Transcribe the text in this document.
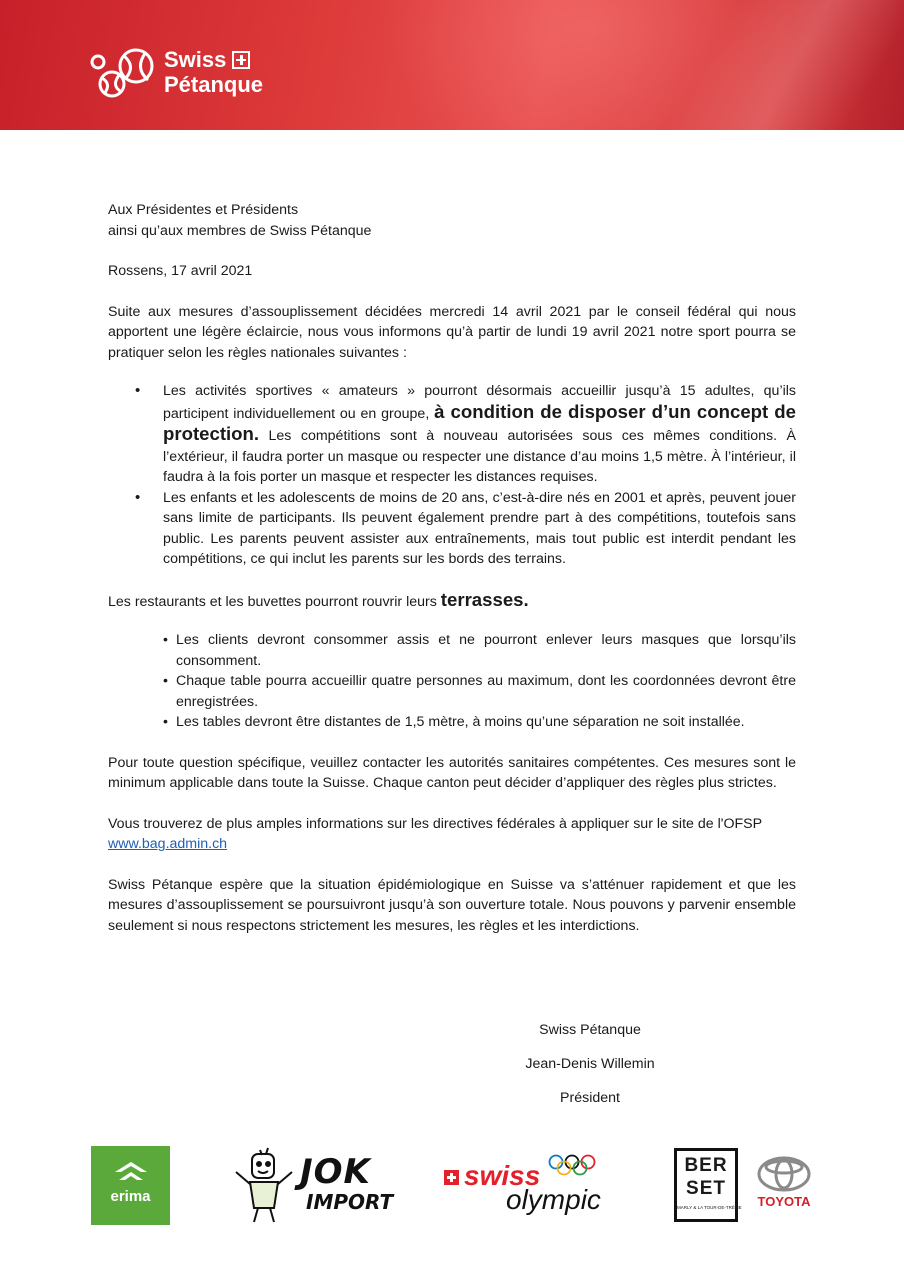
Swiss
Pétanque

Aux Présidentes et Présidents

ainsi qu’aux membres de Swiss Pétanque

Rossens, 17 avril 2021

Suite aux mesures d’assouplissement décidées mercredi 14 avril 2021 par le conseil fédéral qui nous apportent une légère éclaircie, nous vous informons qu’à partir de lundi 19 avril 2021 notre sport pourra se pratiquer selon les règles nationales suivantes :

• Les activités sportives « amateurs » pourront désormais accueillir jusqu’à 15 adultes, qu’ils participent individuellement ou en groupe, à condition de disposer d’un concept de protection. Les compétitions sont à nouveau autorisées sous ces mêmes conditions. À l’extérieur, il faudra porter un masque ou respecter une distance d’au moins 1,5 mètre. À l’intérieur, il faudra à la fois porter un masque et respecter les distances requises.
• Les enfants et les adolescents de moins de 20 ans, c’est-à-dire nés en 2001 et après, peuvent jouer sans limite de participants. Ils peuvent également prendre part à des compétitions, toutefois sans public. Les parents peuvent assister aux entraînements, mais tout public est interdit pendant les compétitions, ce qui inclut les parents sur les bords des terrains.

Les restaurants et les buvettes pourront rouvrir leurs terrasses.

• Les clients devront consommer assis et ne pourront enlever leurs masques que lorsqu’ils consomment.
• Chaque table pourra accueillir quatre personnes au maximum, dont les coordonnées devront être enregistrées.
• Les tables devront être distantes de 1,5 mètre, à moins qu’une séparation ne soit installée.

Pour toute question spécifique, veuillez contacter les autorités sanitaires compétentes. Ces mesures sont le minimum applicable dans toute la Suisse. Chaque canton peut décider d’appliquer des règles plus strictes.

Vous trouverez de plus amples informations sur les directives fédérales à appliquer sur le site de l'OFSP

www.bag.admin.ch

Swiss Pétanque espère que la situation épidémiologique en Suisse va s’atténuer rapidement et que les mesures d’assouplissement se poursuivront jusqu’à son ouverture totale. Nous pouvons y parvenir ensemble seulement si nous respectons strictement les mesures, les règles et les interdictions.

Swiss Pétanque
Jean-Denis Willemin
Président
erima
JOK
IMPORT
swiss
olympic
BER
SET
MARLY & LA TOUR-DE-TRÊME	TOYOTA
